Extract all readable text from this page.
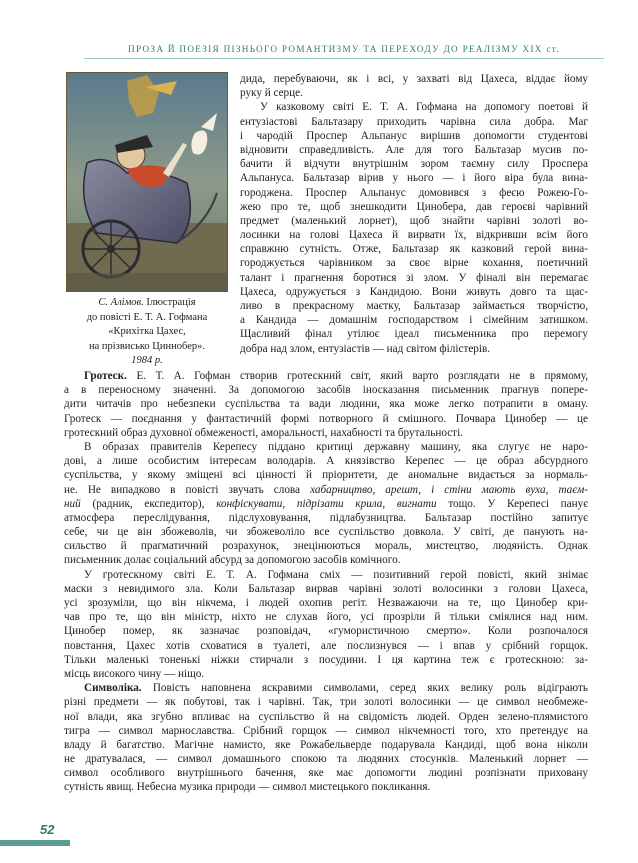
ПРОЗА Й ПОЕЗІЯ ПІЗНЬОГО РОМАНТИЗМУ ТА ПЕРЕХОДУ ДО РЕАЛІЗМУ XIX ст.
С. Алімов. Ілюстрація
до повісті Е. Т. А. Гофмана
«Крихітка Цахес,
на прізвисько Циннобер».
1984 р.

дида, перебуваючи, як і всі, у захваті від Цахеса, віддає йому
руку й серце.
У казковому світі Е. Т. А. Гофмана на допомогу поетові й
ентузіастові Бальтазару приходить чарівна сила добра. Маг
і чародій Проспер Альпанус вирішив допомогти студентові
відновити справедливість. Але для того Бальтазар мусив по-
бачити й відчути внутрішнім зором таємну силу Проспера
Альпануса. Бальтазар вірив у нього — і його віра була вина-
городжена. Проспер Альпанус домовився з феєю Рожею-Го-
жею про те, щоб знешкодити Цинобера, дав героєві чарівний
предмет (маленький лорнет), щоб знайти чарівні золоті во-
лосинки на голові Цахеса й вирвати їх, відкривши всім його
справжню сутність. Отже, Бальтазар як казковий герой вина-
городжується чарівником за своє вірне кохання, поетичний
талант і прагнення боротися зі злом. У фіналі він перемагає
Цахеса, одружується з Кандидою. Вони живуть довго та щас-
ливо в прекрасному маєтку, Бальтазар займається творчістю,
а Кандида — домашнім господарством і сімейним затишком.
Щасливий фінал утілює ідеал письменника про перемогу
добра над злом, ентузіастів — над світом філістерів.

Гротеск. Е. Т. А. Гофман створив гротескний світ, який варто розглядати не в прямому,
а в переносному значенні. За допомогою засобів іносказання письменник прагнув попере-
дити читачів про небезпеки суспільства та вади людини, яка може легко потрапити в оману.
Гротеск — поєднання у фантастичній формі потворного й смішного. Почвара Цинобер — це
гротескний образ духовної обмеженості, аморальності, нахабності та брутальності.

В образах правителів Керепесу піддано критиці державну машину, яка слугує не наро-
дові, а лише особистим інтересам володарів. А князівство Керепес — це образ абсурдного
суспільства, у якому зміщені всі цінності й пріоритети, де аномальне видається за нормаль-
не. Не випадково в повісті звучать слова хабарництво, арешт, і стіни мають вуха, таєм-
ний (радник, експедитор), конфіскувати, підрізати крила, вигнати тощо. У Керепесі панує
атмосфера переслідування, підслуховування, підлабузництва. Бальтазар постійно запитує
себе, чи це він збожеволів, чи збожеволіло все суспільство довкола. У світі, де панують на-
сильство й прагматичний розрахунок, знецінюються мораль, мистецтво, людяність. Однак
письменник долає соціальний абсурд за допомогою засобів комічного.

У гротескному світі Е. Т. А. Гофмана сміх — позитивний герой повісті, який знімає
маски з невидимого зла. Коли Бальтазар вирвав чарівні золоті волосинки з голови Цахеса,
усі зрозуміли, що він нікчема, і людей охопив регіт. Незважаючи на те, що Цинобер кри-
чав про те, що він міністр, ніхто не слухав його, усі прозріли й тільки сміялися над ним.
Цинобер помер, як зазначає розповідач, «гумористичною смертю». Коли розпочалося
повстання, Цахес хотів сховатися в туалеті, але послизнувся — і впав у срібний горщок.
Тільки маленькі тоненькі ніжки стирчали з посудини. І ця картина теж є гротескною: за-
місць високого чину — ніщо.

Символіка. Повість наповнена яскравими символами, серед яких велику роль відіграють
різні предмети — як побутові, так і чарівні. Так, три золоті волосинки — це символ необмеже-
ної влади, яка згубно впливає на суспільство й на свідомість людей. Орден зелено-плямистого
тигра — символ марнославства. Срібний горщок — символ нікчемності того, хто претендує на
владу й багатство. Магічне намисто, яке Рожабельверде подарувала Кандиді, щоб вона ніколи
не дратувалася, — символ домашнього спокою та людяних стосунків. Маленький лорнет —
символ особливого внутрішнього бачення, яке має допомогти людині розпізнати приховану
сутність явищ. Небесна музика природи — символ мистецького покликання.

52
